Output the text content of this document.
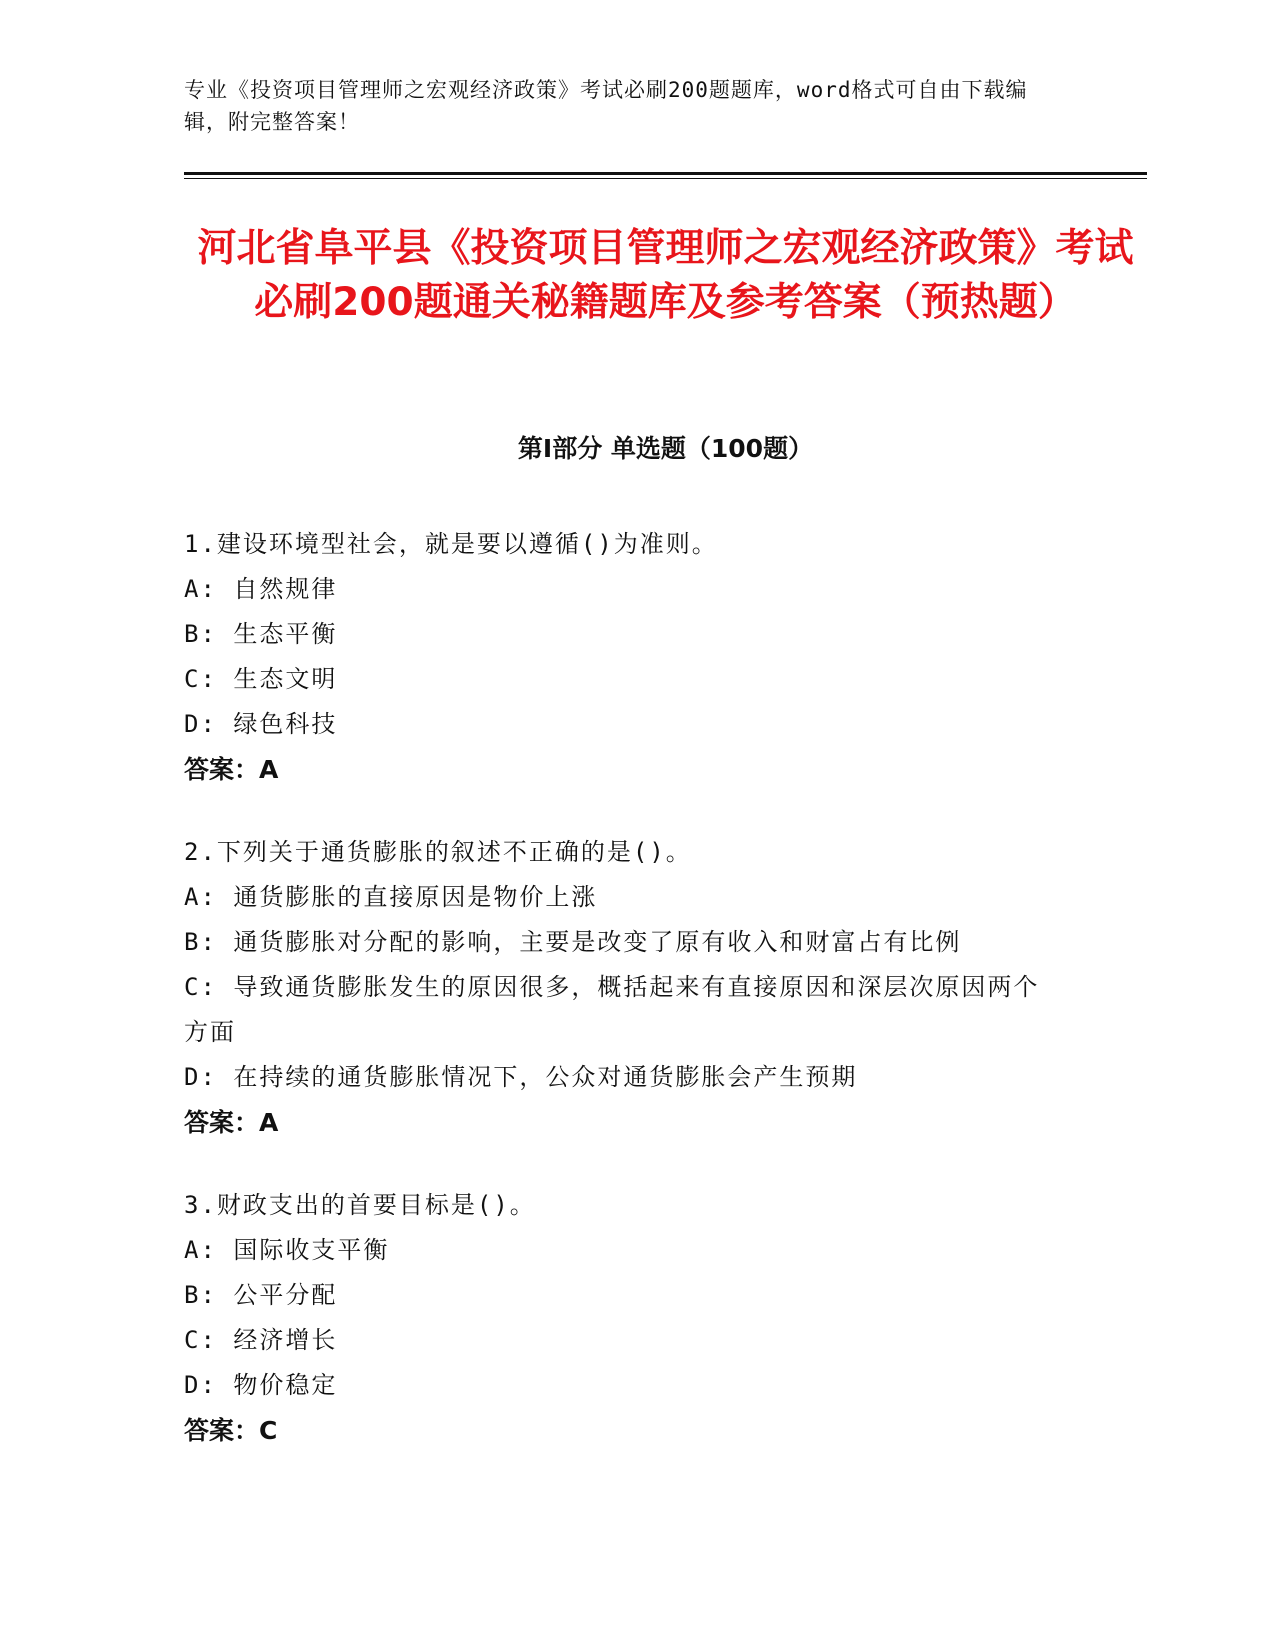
专业《投资项目管理师之宏观经济政策》考试必刷200题题库，word格式可自由下载编辑，附完整答案！
河北省阜平县《投资项目管理师之宏观经济政策》考试必刷200题通关秘籍题库及参考答案（预热题）
第Ⅰ部分 单选题（100题）
1.建设环境型社会，就是要以遵循()为准则。
A: 自然规律
B: 生态平衡
C: 生态文明
D: 绿色科技
答案：A
2.下列关于通货膨胀的叙述不正确的是()。
A: 通货膨胀的直接原因是物价上涨
B: 通货膨胀对分配的影响，主要是改变了原有收入和财富占有比例
C: 导致通货膨胀发生的原因很多，概括起来有直接原因和深层次原因两个方面
D: 在持续的通货膨胀情况下，公众对通货膨胀会产生预期
答案：A
3.财政支出的首要目标是()。
A: 国际收支平衡
B: 公平分配
C: 经济增长
D: 物价稳定
答案：C
